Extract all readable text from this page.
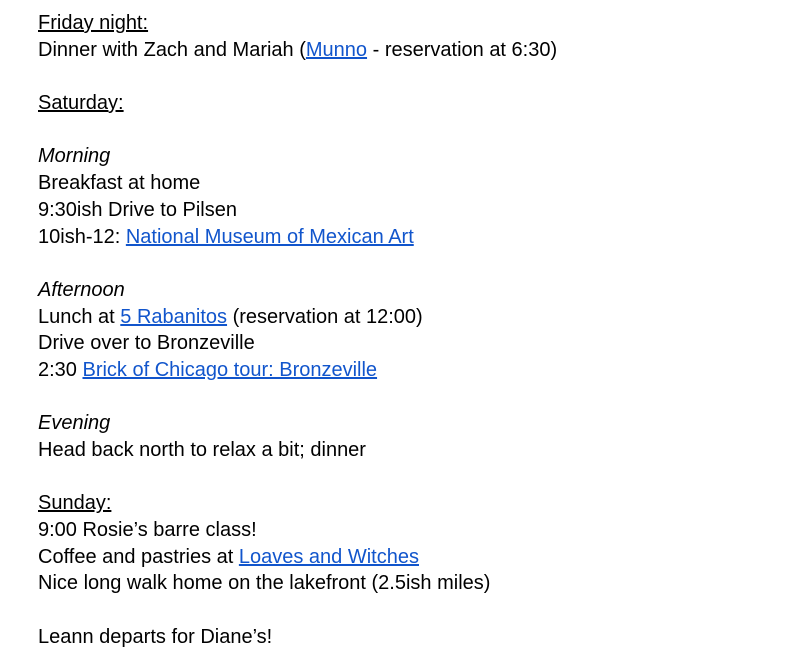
Friday night:
Dinner with Zach and Mariah (Munno - reservation at 6:30)
Saturday:
Morning
Breakfast at home
9:30ish Drive to Pilsen
10ish-12: National Museum of Mexican Art
Afternoon
Lunch at 5 Rabanitos (reservation at 12:00)
Drive over to Bronzeville
2:30 Brick of Chicago tour: Bronzeville
Evening
Head back north to relax a bit; dinner
Sunday:
9:00 Rosie’s barre class!
Coffee and pastries at Loaves and Witches
Nice long walk home on the lakefront (2.5ish miles)
Leann departs for Diane’s!
